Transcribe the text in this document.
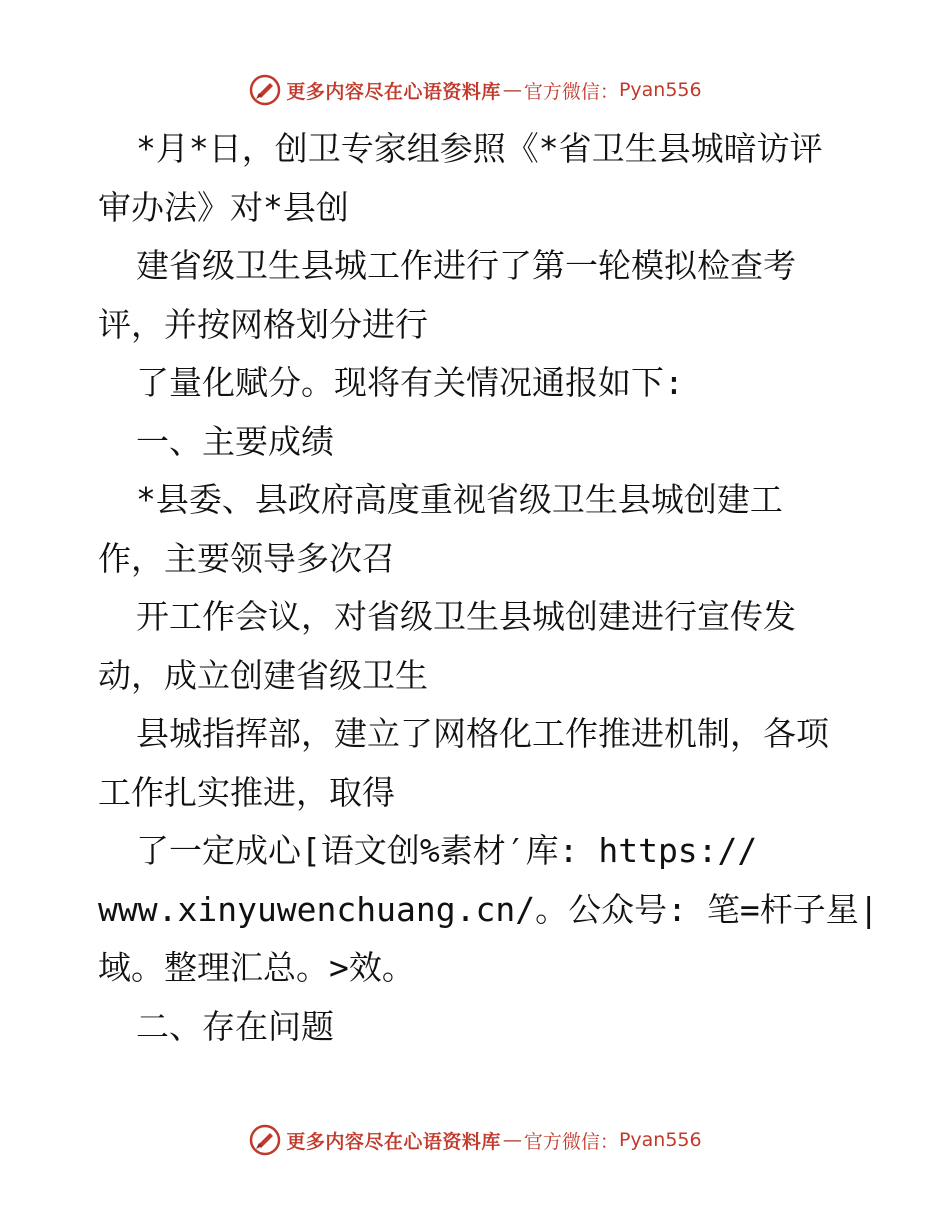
更多内容尽在心语资料库 — 官方微信： Pyan556
*月*日，创卫专家组参照《*省卫生县城暗访评
审办法》对*县创
建省级卫生县城工作进行了第一轮模拟检查考
评，并按网格划分进行
了量化赋分。现将有关情况通报如下:
一、主要成绩
*县委、县政府高度重视省级卫生县城创建工
作，主要领导多次召
开工作会议，对省级卫生县城创建进行宣传发
动，成立创建省级卫生
县城指挥部，建立了网格化工作推进机制，各项
工作扎实推进，取得
了一定成心[语文创%素材′库: https://
www.xinyuwenchuang.cn/。公众号: 笔=杆子星|
域。整理汇总。>效。
二、存在问题
更多内容尽在心语资料库 — 官方微信： Pyan556
